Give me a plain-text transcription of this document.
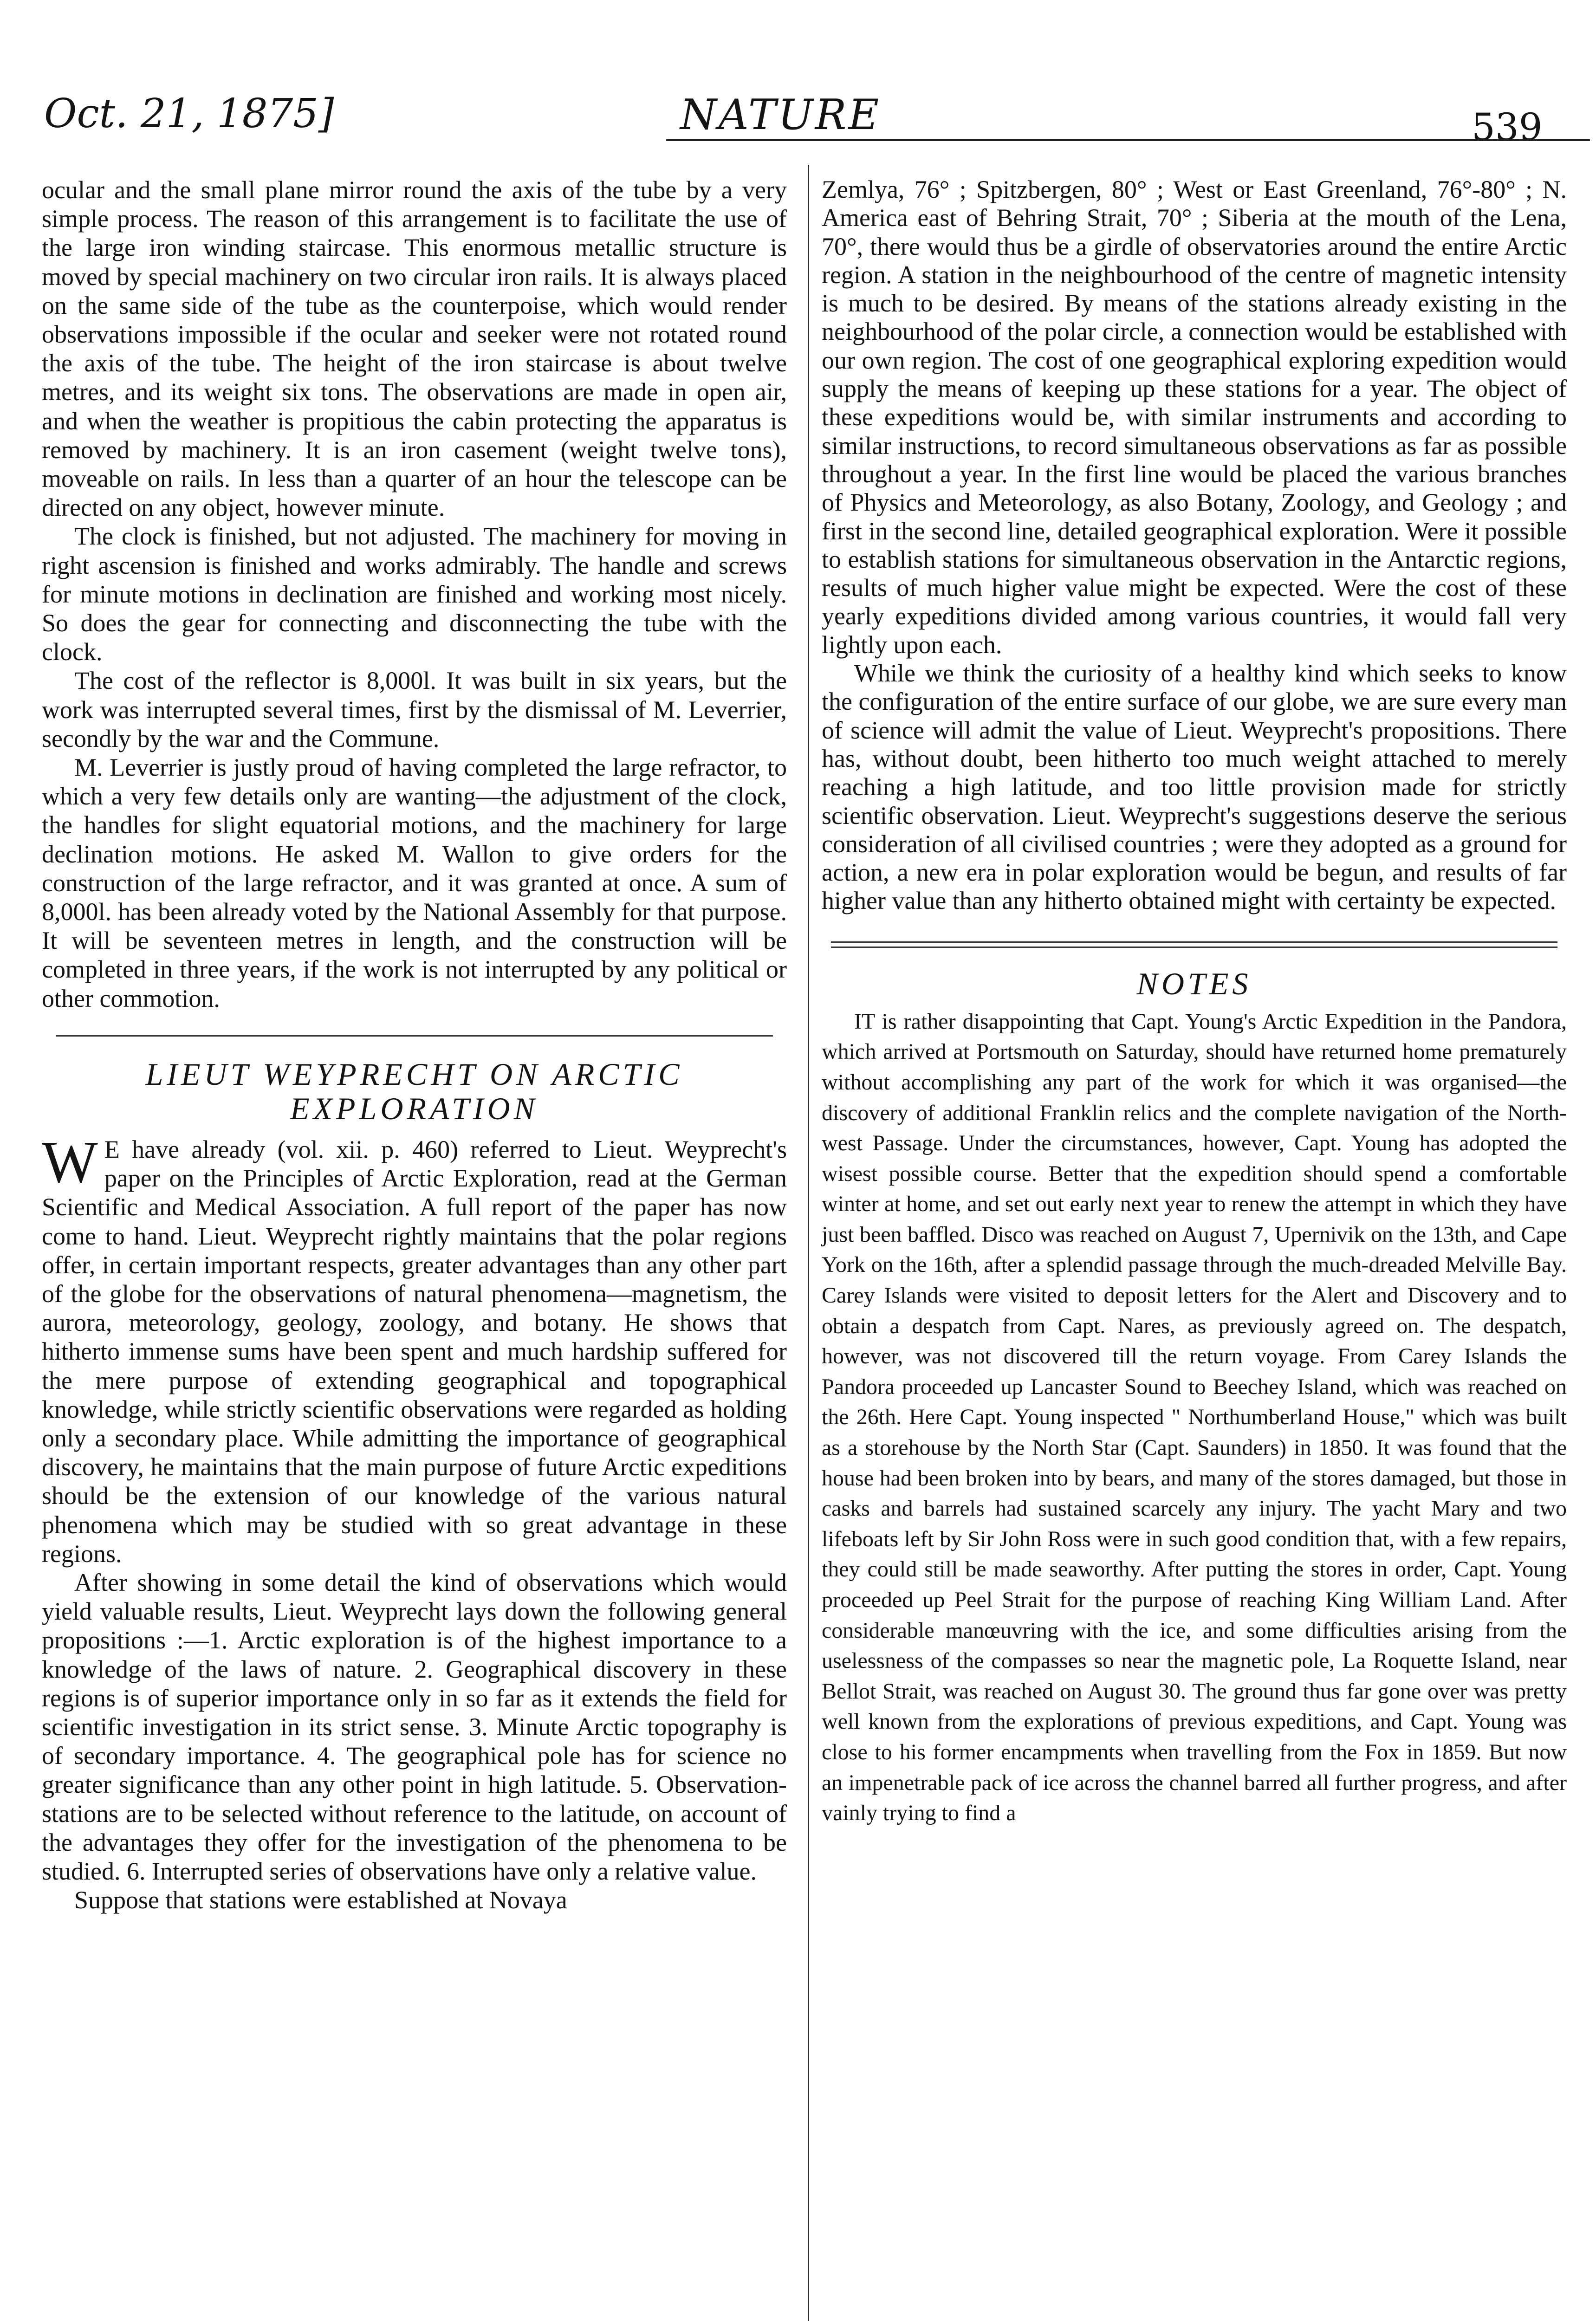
Oct. 21, 1875]	NATURE	539

ocular and the small plane mirror round the axis of the tube by a very simple process. The reason of this arrangement is to facilitate the use of the large iron winding staircase. This enormous metallic structure is moved by special machinery on two circular iron rails. It is always placed on the same side of the tube as the counterpoise, which would render observations impossible if the ocular and seeker were not rotated round the axis of the tube. The height of the iron staircase is about twelve metres, and its weight six tons. The observations are made in open air, and when the weather is propitious the cabin protecting the apparatus is removed by machinery. It is an iron casement (weight twelve tons), moveable on rails. In less than a quarter of an hour the telescope can be directed on any object, however minute.

The clock is finished, but not adjusted. The machinery for moving in right ascension is finished and works admirably. The handle and screws for minute motions in declination are finished and working most nicely. So does the gear for connecting and disconnecting the tube with the clock.

The cost of the reflector is 8,000l. It was built in six years, but the work was interrupted several times, first by the dismissal of M. Leverrier, secondly by the war and the Commune.

M. Leverrier is justly proud of having completed the large refractor, to which a very few details only are wanting—the adjustment of the clock, the handles for slight equatorial motions, and the machinery for large declination motions. He asked M. Wallon to give orders for the construction of the large refractor, and it was granted at once. A sum of 8,000l. has been already voted by the National Assembly for that purpose. It will be seventeen metres in length, and the construction will be completed in three years, if the work is not interrupted by any political or other commotion.

LIEUT WEYPRECHT ON ARCTIC EXPLORATION

W E have already (vol. xii. p. 460) referred to Lieut. Weyprecht's paper on the Principles of Arctic Exploration, read at the German Scientific and Medical Association. A full report of the paper has now come to hand. Lieut. Weyprecht rightly maintains that the polar regions offer, in certain important respects, greater advantages than any other part of the globe for the observations of natural phenomena—magnetism, the aurora, meteorology, geology, zoology, and botany. He shows that hitherto immense sums have been spent and much hardship suffered for the mere purpose of extending geographical and topographical knowledge, while strictly scientific observations were regarded as holding only a secondary place. While admitting the importance of geographical discovery, he maintains that the main purpose of future Arctic expeditions should be the extension of our knowledge of the various natural phenomena which may be studied with so great advantage in these regions.

After showing in some detail the kind of observations which would yield valuable results, Lieut. Weyprecht lays down the following general propositions :—1. Arctic exploration is of the highest importance to a knowledge of the laws of nature. 2. Geographical discovery in these regions is of superior importance only in so far as it extends the field for scientific investigation in its strict sense. 3. Minute Arctic topography is of secondary importance. 4. The geographical pole has for science no greater significance than any other point in high latitude. 5. Observation-stations are to be selected without reference to the latitude, on account of the advantages they offer for the investigation of the phenomena to be studied. 6. Interrupted series of observations have only a relative value.

Suppose that stations were established at Novaya

Zemlya, 76° ; Spitzbergen, 80° ; West or East Greenland, 76°-80° ; N. America east of Behring Strait, 70° ; Siberia at the mouth of the Lena, 70°, there would thus be a girdle of observatories around the entire Arctic region. A station in the neighbourhood of the centre of magnetic intensity is much to be desired. By means of the stations already existing in the neighbourhood of the polar circle, a connection would be established with our own region. The cost of one geographical exploring expedition would supply the means of keeping up these stations for a year. The object of these expeditions would be, with similar instruments and according to similar instructions, to record simultaneous observations as far as possible throughout a year. In the first line would be placed the various branches of Physics and Meteorology, as also Botany, Zoology, and Geology ; and first in the second line, detailed geographical exploration. Were it possible to establish stations for simultaneous observation in the Antarctic regions, results of much higher value might be expected. Were the cost of these yearly expeditions divided among various countries, it would fall very lightly upon each.

While we think the curiosity of a healthy kind which seeks to know the configuration of the entire surface of our globe, we are sure every man of science will admit the value of Lieut. Weyprecht's propositions. There has, without doubt, been hitherto too much weight attached to merely reaching a high latitude, and too little provision made for strictly scientific observation. Lieut. Weyprecht's suggestions deserve the serious consideration of all civilised countries ; were they adopted as a ground for action, a new era in polar exploration would be begun, and results of far higher value than any hitherto obtained might with certainty be expected.

NOTES

IT is rather disappointing that Capt. Young's Arctic Expedition in the Pandora, which arrived at Portsmouth on Saturday, should have returned home prematurely without accomplishing any part of the work for which it was organised—the discovery of additional Franklin relics and the complete navigation of the North-west Passage. Under the circumstances, however, Capt. Young has adopted the wisest possible course. Better that the expedition should spend a comfortable winter at home, and set out early next year to renew the attempt in which they have just been baffled. Disco was reached on August 7, Upernivik on the 13th, and Cape York on the 16th, after a splendid passage through the much-dreaded Melville Bay. Carey Islands were visited to deposit letters for the Alert and Discovery and to obtain a despatch from Capt. Nares, as previously agreed on. The despatch, however, was not discovered till the return voyage. From Carey Islands the Pandora proceeded up Lancaster Sound to Beechey Island, which was reached on the 26th. Here Capt. Young inspected " Northumberland House," which was built as a storehouse by the North Star (Capt. Saunders) in 1850. It was found that the house had been broken into by bears, and many of the stores damaged, but those in casks and barrels had sustained scarcely any injury. The yacht Mary and two lifeboats left by Sir John Ross were in such good condition that, with a few repairs, they could still be made seaworthy. After putting the stores in order, Capt. Young proceeded up Peel Strait for the purpose of reaching King William Land. After considerable manœuvring with the ice, and some difficulties arising from the uselessness of the compasses so near the magnetic pole, La Roquette Island, near Bellot Strait, was reached on August 30. The ground thus far gone over was pretty well known from the explorations of previous expeditions, and Capt. Young was close to his former encampments when travelling from the Fox in 1859. But now an impenetrable pack of ice across the channel barred all further progress, and after vainly trying to find a
